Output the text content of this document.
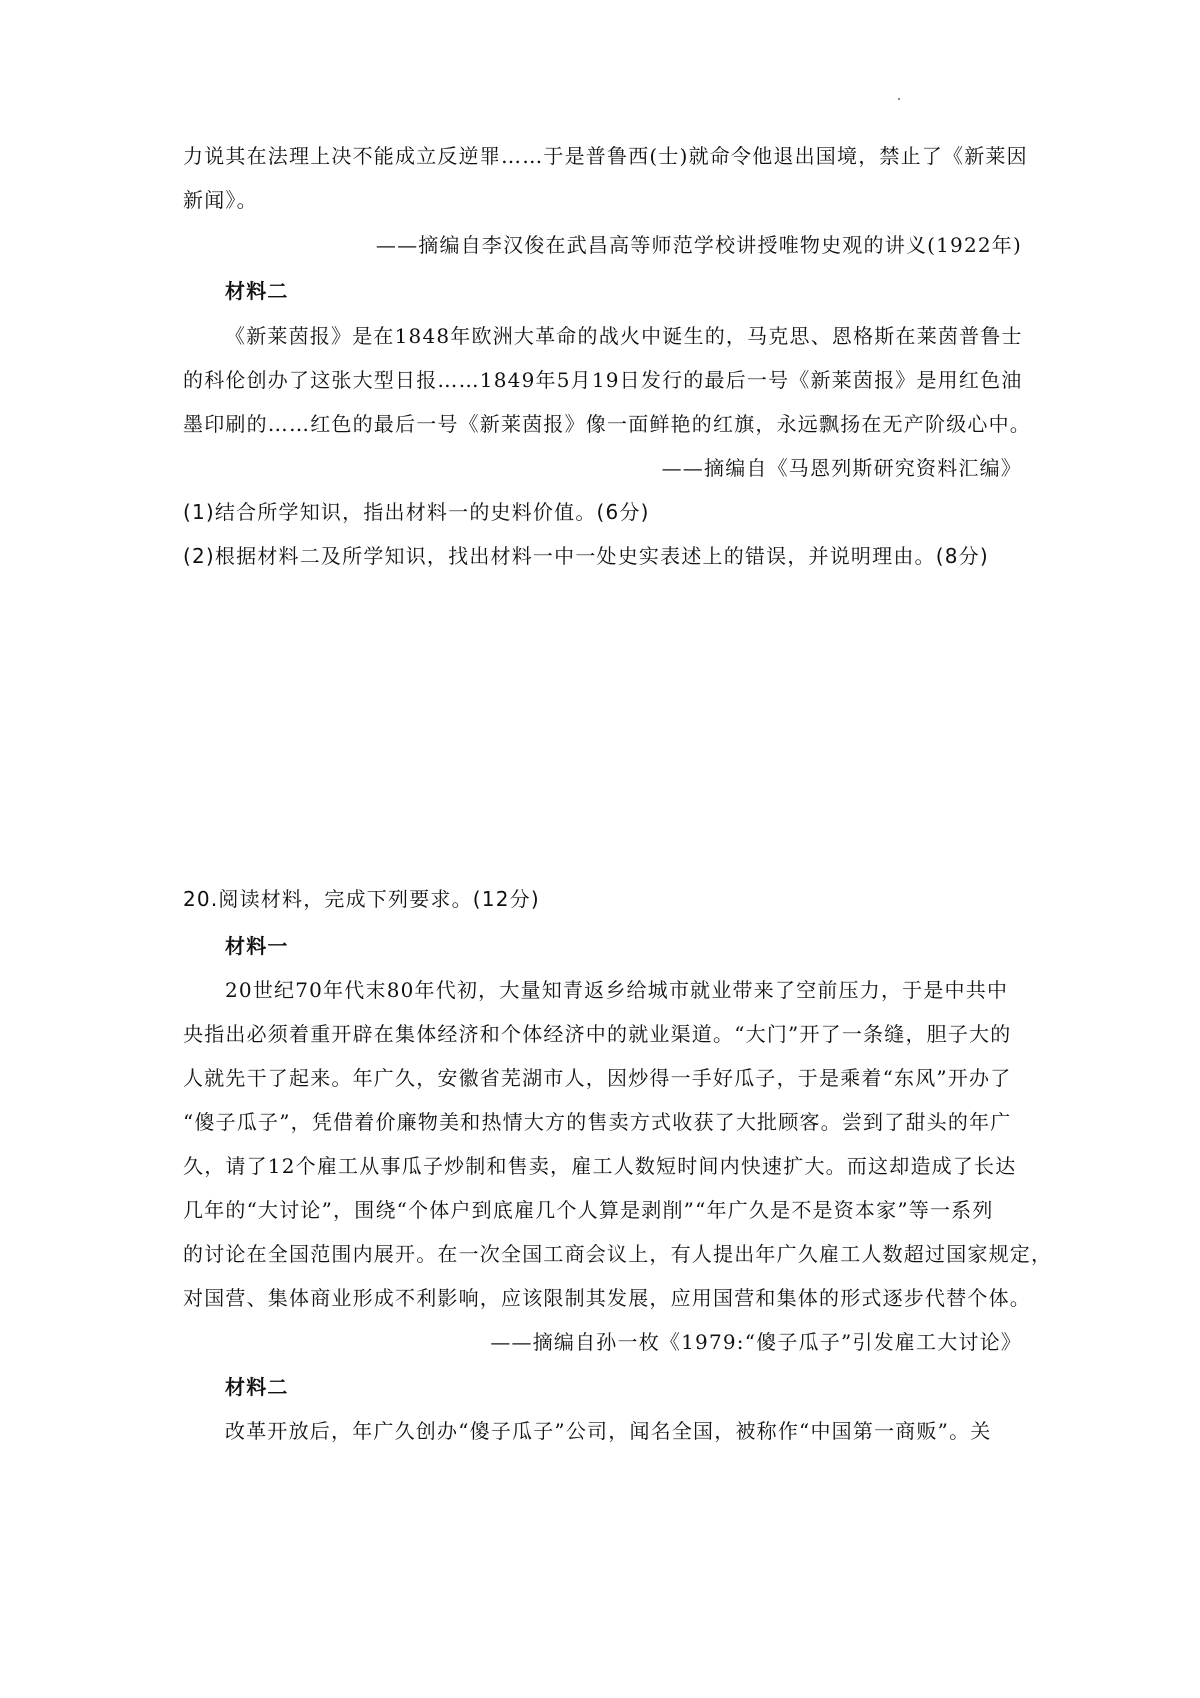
力说其在法理上决不能成立反逆罪……于是普鲁西(士)就命令他退出国境，禁止了《新莱因
新闻》。
——摘编自李汉俊在武昌高等师范学校讲授唯物史观的讲义(1922年)
材料二
《新莱茵报》是在1848年欧洲大革命的战火中诞生的，马克思、恩格斯在莱茵普鲁士
的科伦创办了这张大型日报……1849年5月19日发行的最后一号《新莱茵报》是用红色油
墨印刷的……红色的最后一号《新莱茵报》像一面鲜艳的红旗，永远飘扬在无产阶级心中。
——摘编自《马恩列斯研究资料汇编》
(1)结合所学知识，指出材料一的史料价值。(6分)
(2)根据材料二及所学知识，找出材料一中一处史实表述上的错误，并说明理由。(8分)
20.阅读材料，完成下列要求。(12分)
材料一
20世纪70年代末80年代初，大量知青返乡给城市就业带来了空前压力，于是中共中
央指出必须着重开辟在集体经济和个体经济中的就业渠道。“大门”开了一条缝，胆子大的
人就先干了起来。年广久，安徽省芜湖市人，因炒得一手好瓜子，于是乘着“东风”开办了
“傻子瓜子”，凭借着价廉物美和热情大方的售卖方式收获了大批顾客。尝到了甜头的年广
久，请了12个雇工从事瓜子炒制和售卖，雇工人数短时间内快速扩大。而这却造成了长达
几年的“大讨论”，围绕“个体户到底雇几个人算是剥削”“年广久是不是资本家”等一系列
的讨论在全国范围内展开。在一次全国工商会议上，有人提出年广久雇工人数超过国家规定，
对国营、集体商业形成不利影响，应该限制其发展，应用国营和集体的形式逐步代替个体。
——摘编自孙一枚《1979:“傻子瓜子”引发雇工大讨论》
材料二
改革开放后，年广久创办“傻子瓜子”公司，闻名全国，被称作“中国第一商贩”。关
